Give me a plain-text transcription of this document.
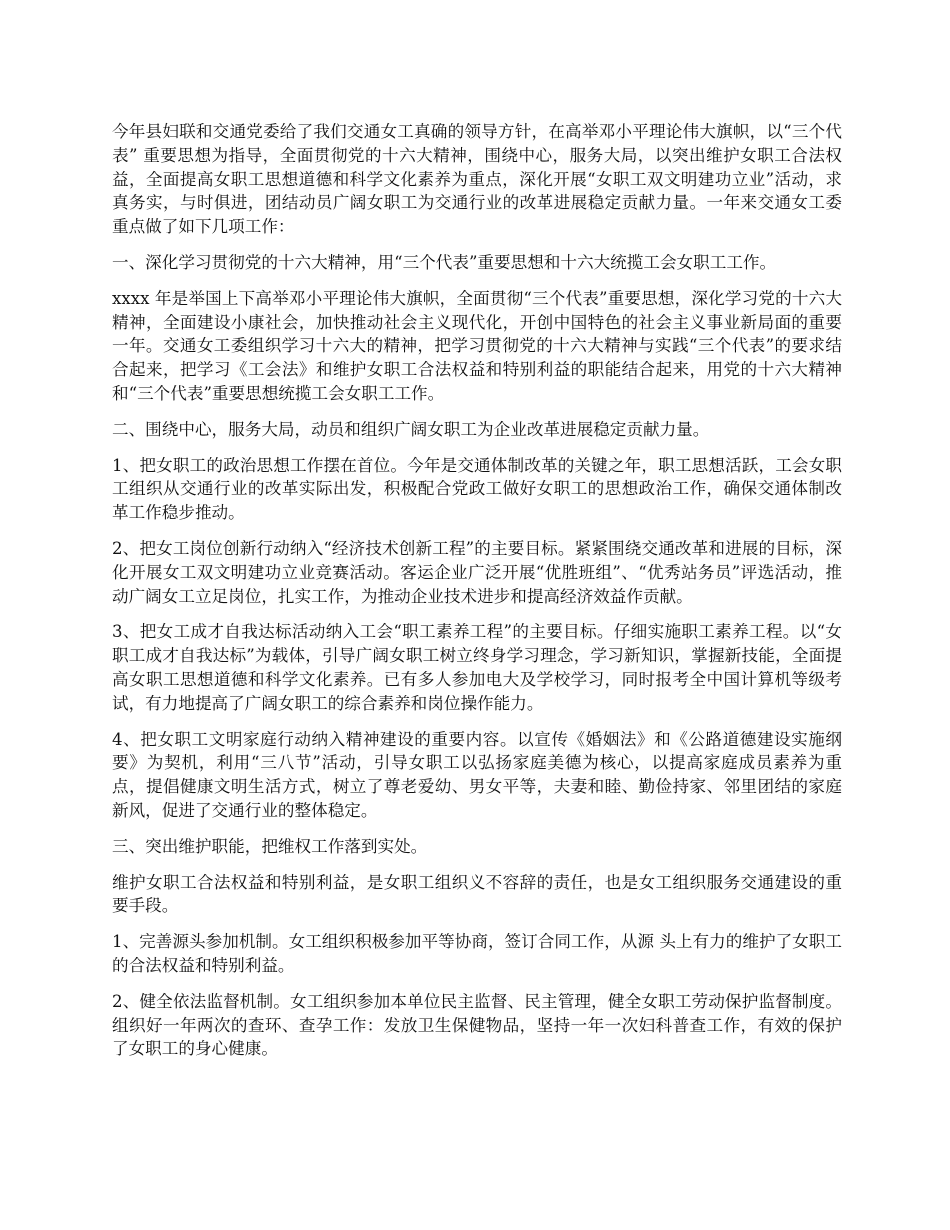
今年县妇联和交通党委给了我们交通女工真确的领导方针，在高举邓小平理论伟大旗帜，以“三个代表” 重要思想为指导，全面贯彻党的十六大精神，围绕中心，服务大局，以突出维护女职工合法权益，全面提高女职工思想道德和科学文化素养为重点，深化开展“女职工双文明建功立业”活动，求真务实，与时俱进，团结动员广阔女职工为交通行业的改革进展稳定贡献力量。一年来交通女工委重点做了如下几项工作：

一、深化学习贯彻党的十六大精神，用“三个代表”重要思想和十六大统揽工会女职工工作。

xxxx 年是举国上下高举邓小平理论伟大旗帜，全面贯彻“三个代表”重要思想，深化学习党的十六大精神，全面建设小康社会，加快推动社会主义现代化，开创中国特色的社会主义事业新局面的重要一年。交通女工委组织学习十六大的精神，把学习贯彻党的十六大精神与实践“三个代表”的要求结合起来，把学习《工会法》和维护女职工合法权益和特别利益的职能结合起来，用党的十六大精神和“三个代表”重要思想统揽工会女职工工作。

二、围绕中心，服务大局，动员和组织广阔女职工为企业改革进展稳定贡献力量。

1、把女职工的政治思想工作摆在首位。今年是交通体制改革的关键之年，职工思想活跃，工会女职工组织从交通行业的改革实际出发，积极配合党政工做好女职工的思想政治工作，确保交通体制改革工作稳步推动。

2、把女工岗位创新行动纳入“经济技术创新工程”的主要目标。紧紧围绕交通改革和进展的目标，深化开展女工双文明建功立业竞赛活动。客运企业广泛开展“优胜班组”、“优秀站务员”评选活动，推动广阔女工立足岗位，扎实工作，为推动企业技术进步和提高经济效益作贡献。

3、把女工成才自我达标活动纳入工会“职工素养工程”的主要目标。仔细实施职工素养工程。以“女职工成才自我达标”为载体，引导广阔女职工树立终身学习理念，学习新知识，掌握新技能，全面提高女职工思想道德和科学文化素养。已有多人参加电大及学校学习，同时报考全中国计算机等级考试，有力地提高了广阔女职工的综合素养和岗位操作能力。

4、把女职工文明家庭行动纳入精神建设的重要内容。以宣传《婚姻法》和《公路道德建设实施纲要》为契机，利用“三八节”活动，引导女职工以弘扬家庭美德为核心，以提高家庭成员素养为重点，提倡健康文明生活方式，树立了尊老爱幼、男女平等，夫妻和睦、勤俭持家、邻里团结的家庭新风，促进了交通行业的整体稳定。

三、突出维护职能，把维权工作落到实处。

维护女职工合法权益和特别利益，是女职工组织义不容辞的责任，也是女工组织服务交通建设的重要手段。

1、完善源头参加机制。女工组织积极参加平等协商，签订合同工作，从源 头上有力的维护了女职工的合法权益和特别利益。

2、健全依法监督机制。女工组织参加本单位民主监督、民主管理，健全女职工劳动保护监督制度。组织好一年两次的查环、查孕工作：发放卫生保健物品，坚持一年一次妇科普查工作，有效的保护了女职工的身心健康。
